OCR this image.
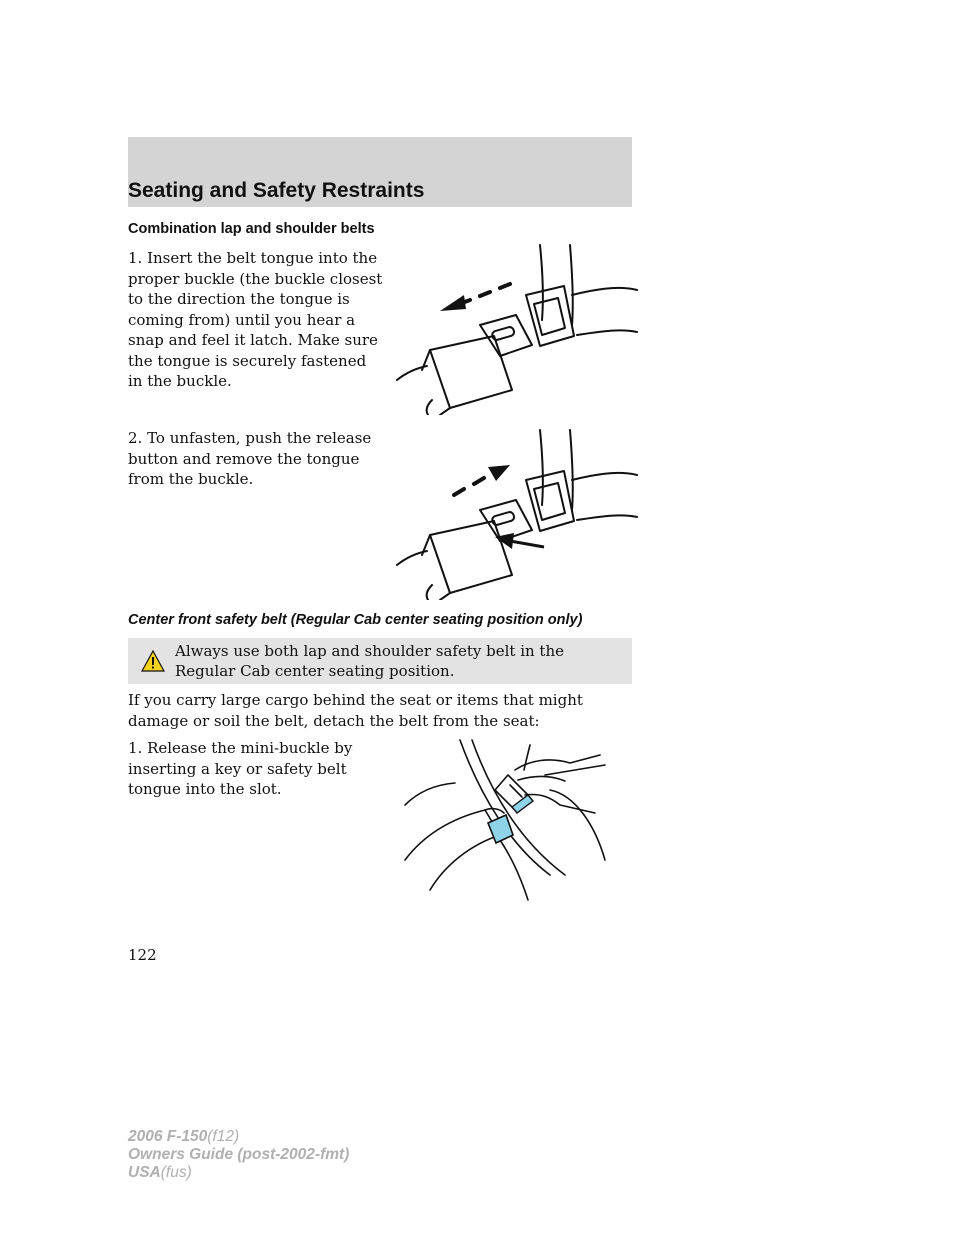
Seating and Safety Restraints
Combination lap and shoulder belts
1. Insert the belt tongue into the proper buckle (the buckle closest to the direction the tongue is coming from) until you hear a snap and feel it latch. Make sure the tongue is securely fastened in the buckle.
2. To unfasten, push the release button and remove the tongue from the buckle.
Center front safety belt (Regular Cab center seating position only)
Always use both lap and shoulder safety belt in the Regular Cab center seating position.
If you carry large cargo behind the seat or items that might damage or soil the belt, detach the belt from the seat:
1. Release the mini-buckle by inserting a key or safety belt tongue into the slot.
122
2006 F-150(f12)
Owners Guide (post-2002-fmt)
USA(fus)
